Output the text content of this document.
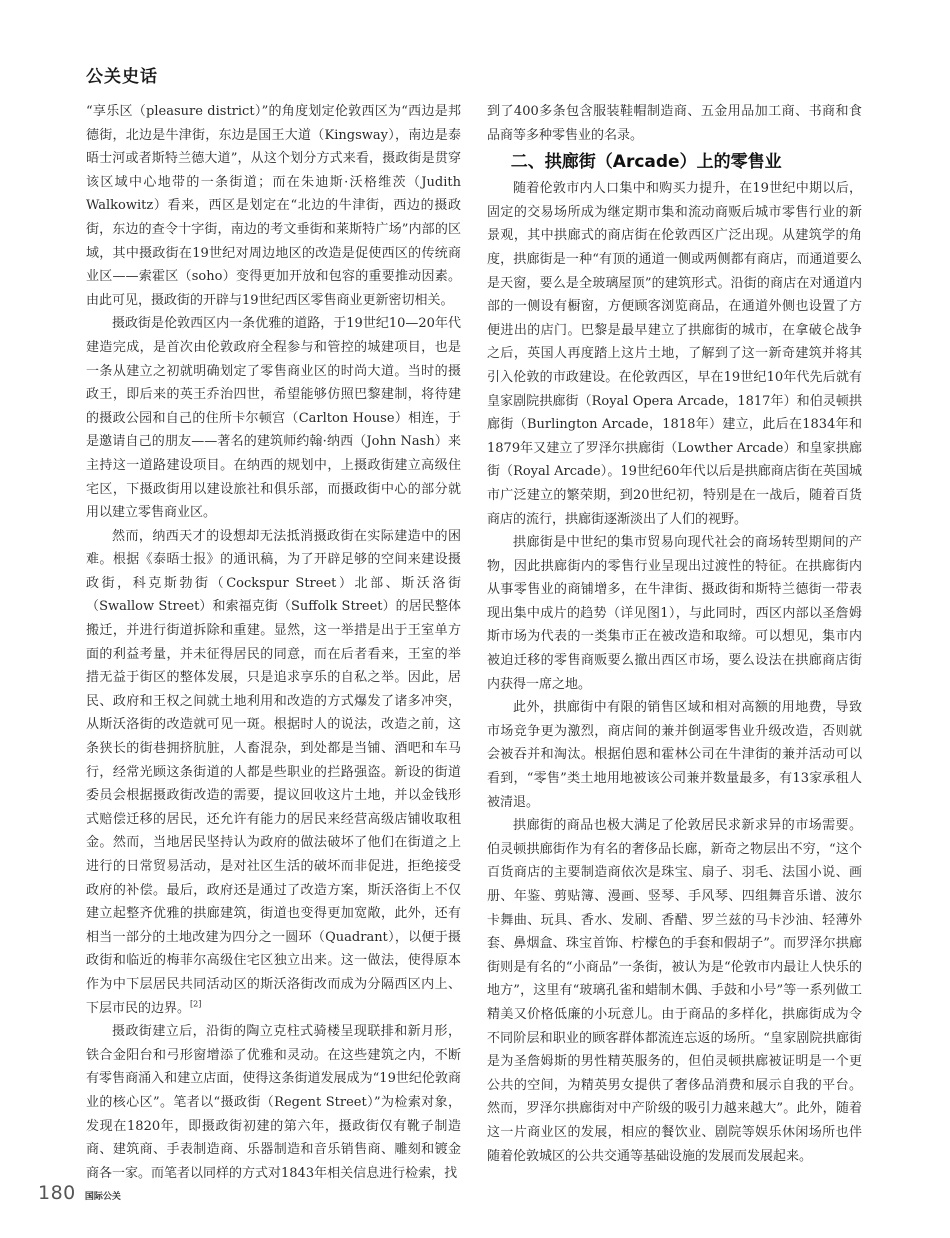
公关史话

“享乐区（pleasure district）”的角度划定伦敦西区为“西边是邦德街，北边是牛津街，东边是国王大道（Kingsway），南边是泰晤士河或者斯特兰德大道”，从这个划分方式来看，摄政街是贯穿该区域中心地带的一条街道；而在朱迪斯·沃格维茨（Judith Walkowitz）看来，西区是划定在“北边的牛津街，西边的摄政街，东边的查令十字街，南边的考文垂街和莱斯特广场”内部的区域，其中摄政街在19世纪对周边地区的改造是促使西区的传统商业区——索霍区（soho）变得更加开放和包容的重要推动因素。由此可见，摄政街的开辟与19世纪西区零售商业更新密切相关。

摄政街是伦敦西区内一条优雅的道路，于19世纪10—20年代建造完成，是首次由伦敦政府全程参与和管控的城建项目，也是一条从建立之初就明确划定了零售商业区的时尚大道。当时的摄政王，即后来的英王乔治四世，希望能够仿照巴黎建制，将待建的摄政公园和自己的住所卡尔顿宫（Carlton House）相连，于是邀请自己的朋友——著名的建筑师约翰·纳西（John Nash）来主持这一道路建设项目。在纳西的规划中，上摄政街建立高级住宅区，下摄政街用以建设旅社和俱乐部，而摄政街中心的部分就用以建立零售商业区。

然而，纳西天才的设想却无法抵消摄政街在实际建造中的困难。根据《泰晤士报》的通讯稿，为了开辟足够的空间来建设摄政街，科克斯勃街（Cockspur Street）北部、斯沃洛街（Swallow Street）和索福克街（Suffolk Street）的居民整体搬迁，并进行街道拆除和重建。显然，这一举措是出于王室单方面的利益考量，并未征得居民的同意，而在后者看来，王室的举措无益于街区的整体发展，只是追求享乐的自私之举。因此，居民、政府和王权之间就土地利用和改造的方式爆发了诸多冲突，从斯沃洛街的改造就可见一斑。根据时人的说法，改造之前，这条狭长的街巷拥挤肮脏，人畜混杂，到处都是当铺、酒吧和车马行，经常光顾这条街道的人都是些职业的拦路强盗。新设的街道委员会根据摄政街改造的需要，提议回收这片土地，并以金钱形式赔偿迁移的居民，还允许有能力的居民来经营高级店铺收取租金。然而，当地居民坚持认为政府的做法破坏了他们在街道之上进行的日常贸易活动，是对社区生活的破坏而非促进，拒绝接受政府的补偿。最后，政府还是通过了改造方案，斯沃洛街上不仅建立起整齐优雅的拱廊建筑，街道也变得更加宽敞，此外，还有相当一部分的土地改建为四分之一圆环（Quadrant），以便于摄政街和临近的梅菲尔高级住宅区独立出来。这一做法，使得原本作为中下层居民共同活动区的斯沃洛街改而成为分隔西区内上、下层市民的边界。[2]

摄政街建立后，沿街的陶立克柱式骑楼呈现联排和新月形，铁合金阳台和弓形窗增添了优雅和灵动。在这些建筑之内，不断有零售商涌入和建立店面，使得这条街道发展成为“19世纪伦敦商业的核心区”。笔者以“摄政街（Regent Street）”为检索对象，发现在1820年，即摄政街初建的第六年，摄政街仅有靴子制造商、建筑商、手表制造商、乐器制造和音乐销售商、雕刻和镀金商各一家。而笔者以同样的方式对1843年相关信息进行检索，找

到了400多条包含服装鞋帽制造商、五金用品加工商、书商和食品商等多种零售业的名录。

二、拱廊街（Arcade）上的零售业

随着伦敦市内人口集中和购买力提升，在19世纪中期以后，固定的交易场所成为继定期市集和流动商贩后城市零售行业的新景观，其中拱廊式的商店街在伦敦西区广泛出现。从建筑学的角度，拱廊街是一种“有顶的通道一侧或两侧都有商店，而通道要么是天窗，要么是全玻璃屋顶”的建筑形式。沿街的商店在对通道内部的一侧设有橱窗，方便顾客浏览商品，在通道外侧也设置了方便进出的店门。巴黎是最早建立了拱廊街的城市，在拿破仑战争之后，英国人再度踏上这片土地，了解到了这一新奇建筑并将其引入伦敦的市政建设。在伦敦西区，早在19世纪10年代先后就有皇家剧院拱廊街（Royal Opera Arcade，1817年）和伯灵顿拱廊街（Burlington Arcade，1818年）建立，此后在1834年和1879年又建立了罗泽尔拱廊街（Lowther Arcade）和皇家拱廊街（Royal Arcade）。19世纪60年代以后是拱廊商店街在英国城市广泛建立的繁荣期，到20世纪初，特别是在一战后，随着百货商店的流行，拱廊街逐渐淡出了人们的视野。

拱廊街是中世纪的集市贸易向现代社会的商场转型期间的产物，因此拱廊街内的零售行业呈现出过渡性的特征。在拱廊街内从事零售业的商铺增多，在牛津街、摄政街和斯特兰德街一带表现出集中成片的趋势（详见图1），与此同时，西区内部以圣詹姆斯市场为代表的一类集市正在被改造和取缔。可以想见，集市内被迫迁移的零售商贩要么撤出西区市场，要么设法在拱廊商店街内获得一席之地。

此外，拱廊街中有限的销售区域和相对高额的用地费，导致市场竞争更为激烈，商店间的兼并倒逼零售业升级改造，否则就会被吞并和淘汰。根据伯恩和霍林公司在牛津街的兼并活动可以看到，“零售”类土地用地被该公司兼并数量最多，有13家承租人被清退。

拱廊街的商品也极大满足了伦敦居民求新求异的市场需要。伯灵顿拱廊街作为有名的奢侈品长廊，新奇之物层出不穷，“这个百货商店的主要制造商依次是珠宝、扇子、羽毛、法国小说、画册、年鉴、剪贴簿、漫画、竖琴、手风琴、四组舞音乐谱、波尔卡舞曲、玩具、香水、发刷、香醋、罗兰兹的马卡沙油、轻薄外套、鼻烟盒、珠宝首饰、柠檬色的手套和假胡子”。而罗泽尔拱廊街则是有名的“小商品”一条街，被认为是“伦敦市内最让人快乐的地方”，这里有“玻璃孔雀和蜡制木偶、手鼓和小号”等一系列做工精美又价格低廉的小玩意儿。由于商品的多样化，拱廊街成为令不同阶层和职业的顾客群体都流连忘返的场所。“皇家剧院拱廊街是为圣詹姆斯的男性精英服务的，但伯灵顿拱廊被证明是一个更公共的空间，为精英男女提供了奢侈品消费和展示自我的平台。然而，罗泽尔拱廊街对中产阶级的吸引力越来越大”。此外，随着这一片商业区的发展，相应的餐饮业、剧院等娱乐休闲场所也伴随着伦敦城区的公共交通等基础设施的发展而发展起来。

180 国际公关
